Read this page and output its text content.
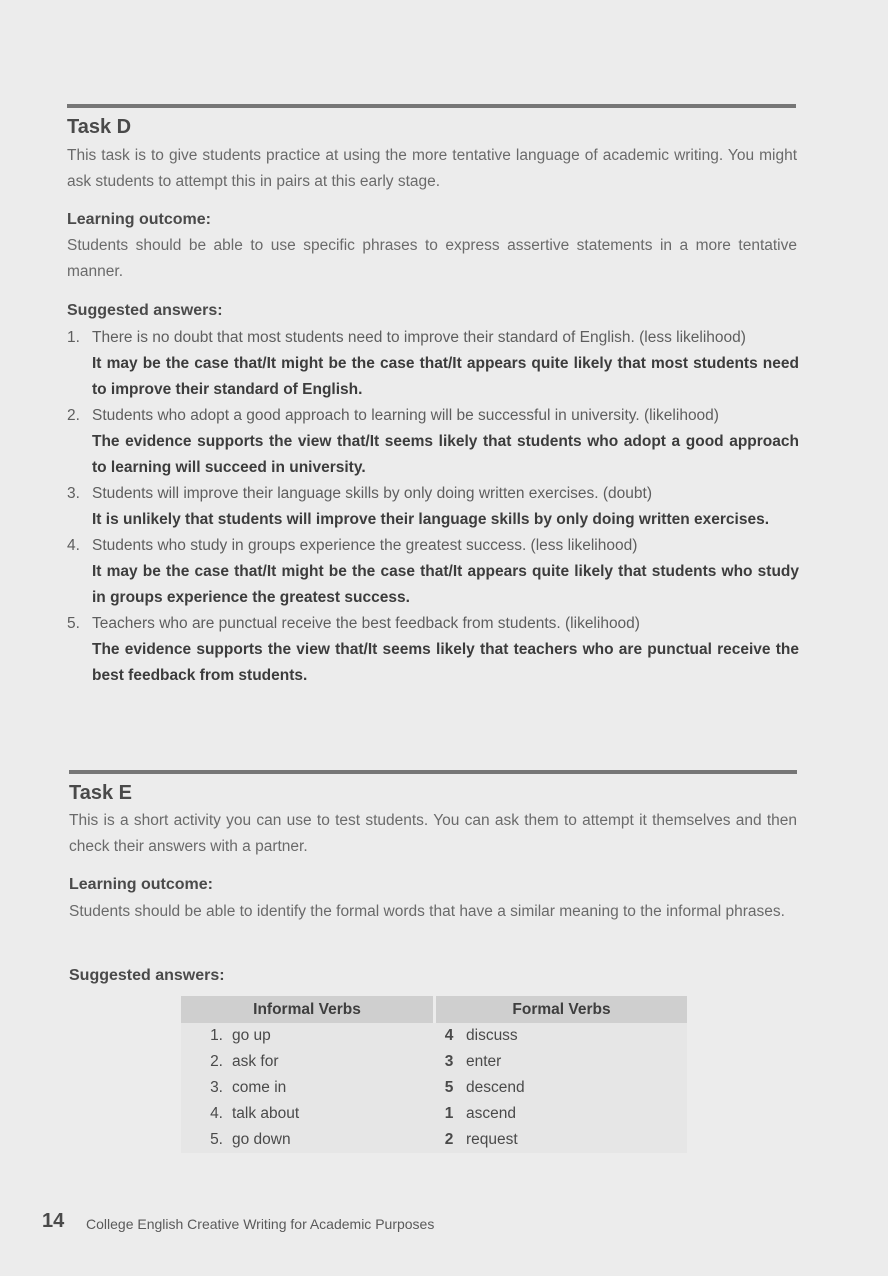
Task D

This task is to give students practice at using the more tentative language of academic writing. You might ask students to attempt this in pairs at this early stage.

Learning outcome:

Students should be able to use specific phrases to express assertive statements in a more tentative manner.

Suggested answers:
1. There is no doubt that most students need to improve their standard of English. (less likelihood)
It may be the case that/It might be the case that/It appears quite likely that most students need to improve their standard of English.
2. Students who adopt a good approach to learning will be successful in university. (likelihood)
The evidence supports the view that/It seems likely that students who adopt a good approach to learning will succeed in university.
3. Students will improve their language skills by only doing written exercises. (doubt)
It is unlikely that students will improve their language skills by only doing written exercises.
4. Students who study in groups experience the greatest success. (less likelihood)
It may be the case that/It might be the case that/It appears quite likely that students who study in groups experience the greatest success.
5. Teachers who are punctual receive the best feedback from students. (likelihood)
The evidence supports the view that/It seems likely that teachers who are punctual receive the best feedback from students.
Task E

This is a short activity you can use to test students. You can ask them to attempt it themselves and then check their answers with a partner.

Learning outcome:

Students should be able to identify the formal words that have a similar meaning to the informal phrases.

Suggested answers:
Informal Verbs	Formal Verbs
1. go up	4 discuss
2. ask for	3 enter
3. come in	5 descend
4. talk about	1 ascend
5. go down	2 request
14 College English Creative Writing for Academic Purposes
